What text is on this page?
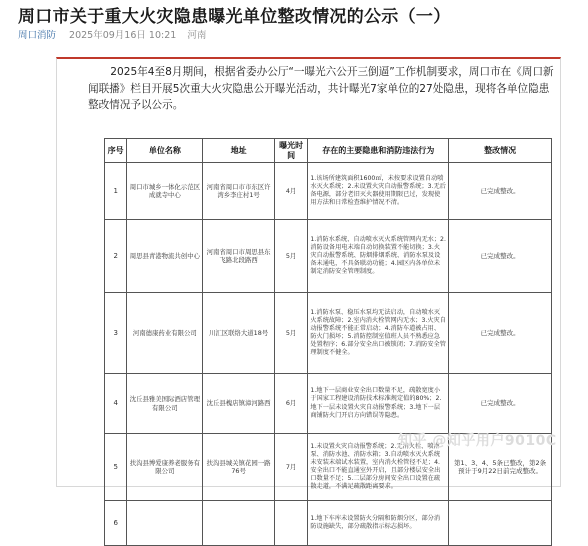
周口市关于重大火灾隐患曝光单位整改情况的公示（一）
周口消防 2025年09月16日 10:21 河南

2025年4至8月期间，根据省委办公厅“一曝光六公开三倒逼”工作机制要求，周口市在《周口新闻联播》栏目开展5次重大火灾隐患公开曝光活动，共计曝光7家单位的27处隐患，现将各单位隐患整改情况予以公示。

序号	单位名称	地址	曝光时间	存在的主要隐患和消防违法行为	整改情况
1	周口市城乡一体化示范区成就寺中心	河南省周口市市东区许湾乡李庄村1号	4月	1.该场所建筑面积1600㎡，未按要求设置自动喷水灭火系统；2.未设置火灾自动报警系统；3.无后备电源，部分老旧灭火器使用期限已过，发现使用方法和日常检查维护情况不清。	已完成整改。
2	周思县青港物流共创中心	河南省周口市周思县东飞路北段路西	5月	1.消防水系统、自动喷水灭火系统管网内无水；2.消防设备用电末端自动切换装置不能切换；3.火灾自动报警系统、防烟排烟系统、消防水泵及设备未通电，不具备联动功能；4.园区内各单位未制定消防安全管理制度。	已完成整改。
3	河南德康药业有限公司	川汇区联络大道18号	5月	1.消防水泵、稳压水泵均无法启动，自动喷水灭火系统故障；2.室内消火栓管网内无水；3.火灾自动报警系统不能正常启动；4.消防车道被占用、防火门损坏；5.消防控制室值班人员不熟悉应急处置程序；6.部分安全出口被锁闭；7.消防安全管理制度不健全。	已完成整改。
4	沈丘县雅美国际酒店管理有限公司	沈丘县槐店镇漳河路西	6月	1.地下一层商业安全出口数量不足，疏散宽度小于国家工程建设消防技术标准规定值的80%；2.地下一层未设置火灾自动报警系统；3.地下一层商铺防火门开启方向错误等隐患。	已完成整改。
5	扶沟县博爱康养老服务有限公司	扶沟县城关镇花园一路76号	7月	1.未设置火灾自动报警系统；2.无消火栓、喷淋泵、消防水池、消防水箱；3.自动喷水灭火系统未安装末端试水装置，室内消火栓管径不足；4.安全出口不能直通室外开启，且部分楼层安全出口数量不足；5.二层部分房间安全出口设置在疏散走道，不满足疏散距离要求。	第1、3、4、5条已整改，第2条预计于9月22日前完成整改。
6				1.地下车库未设置防火分隔和防烟分区，部分消防设施缺失，部分疏散指示标志损坏。	
知乎 @知乎用户9010C
